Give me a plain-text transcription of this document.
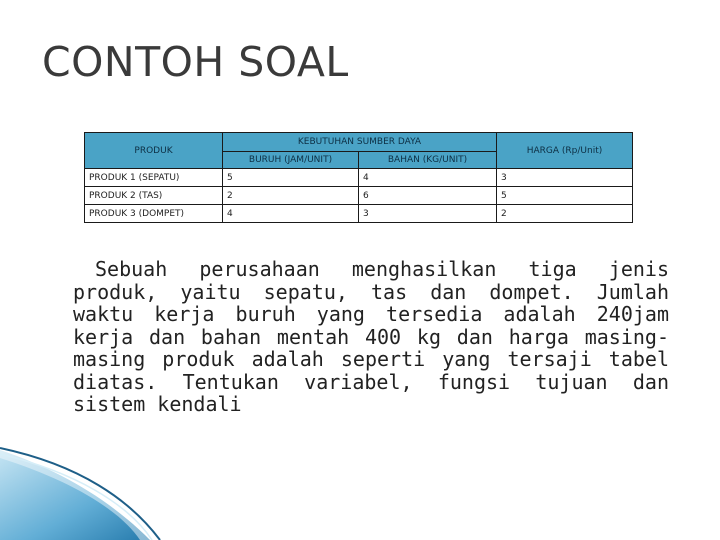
CONTOH SOAL
PRODUK	KEBUTUHAN SUMBER DAYA		HARGA (Rp/Unit)
	BURUH (JAM/UNIT)	BAHAN (KG/UNIT)	
PRODUK 1 (SEPATU)	5	4	3
PRODUK 2 (TAS)	2	6	5
PRODUK 3 (DOMPET)	4	3	2

Sebuah perusahaan menghasilkan tiga jenis produk, yaitu sepatu, tas dan dompet. Jumlah waktu kerja buruh yang tersedia adalah 240jam kerja dan bahan mentah 400 kg dan harga masing-masing produk adalah seperti yang tersaji tabel diatas. Tentukan variabel, fungsi tujuan dan sistem kendali
